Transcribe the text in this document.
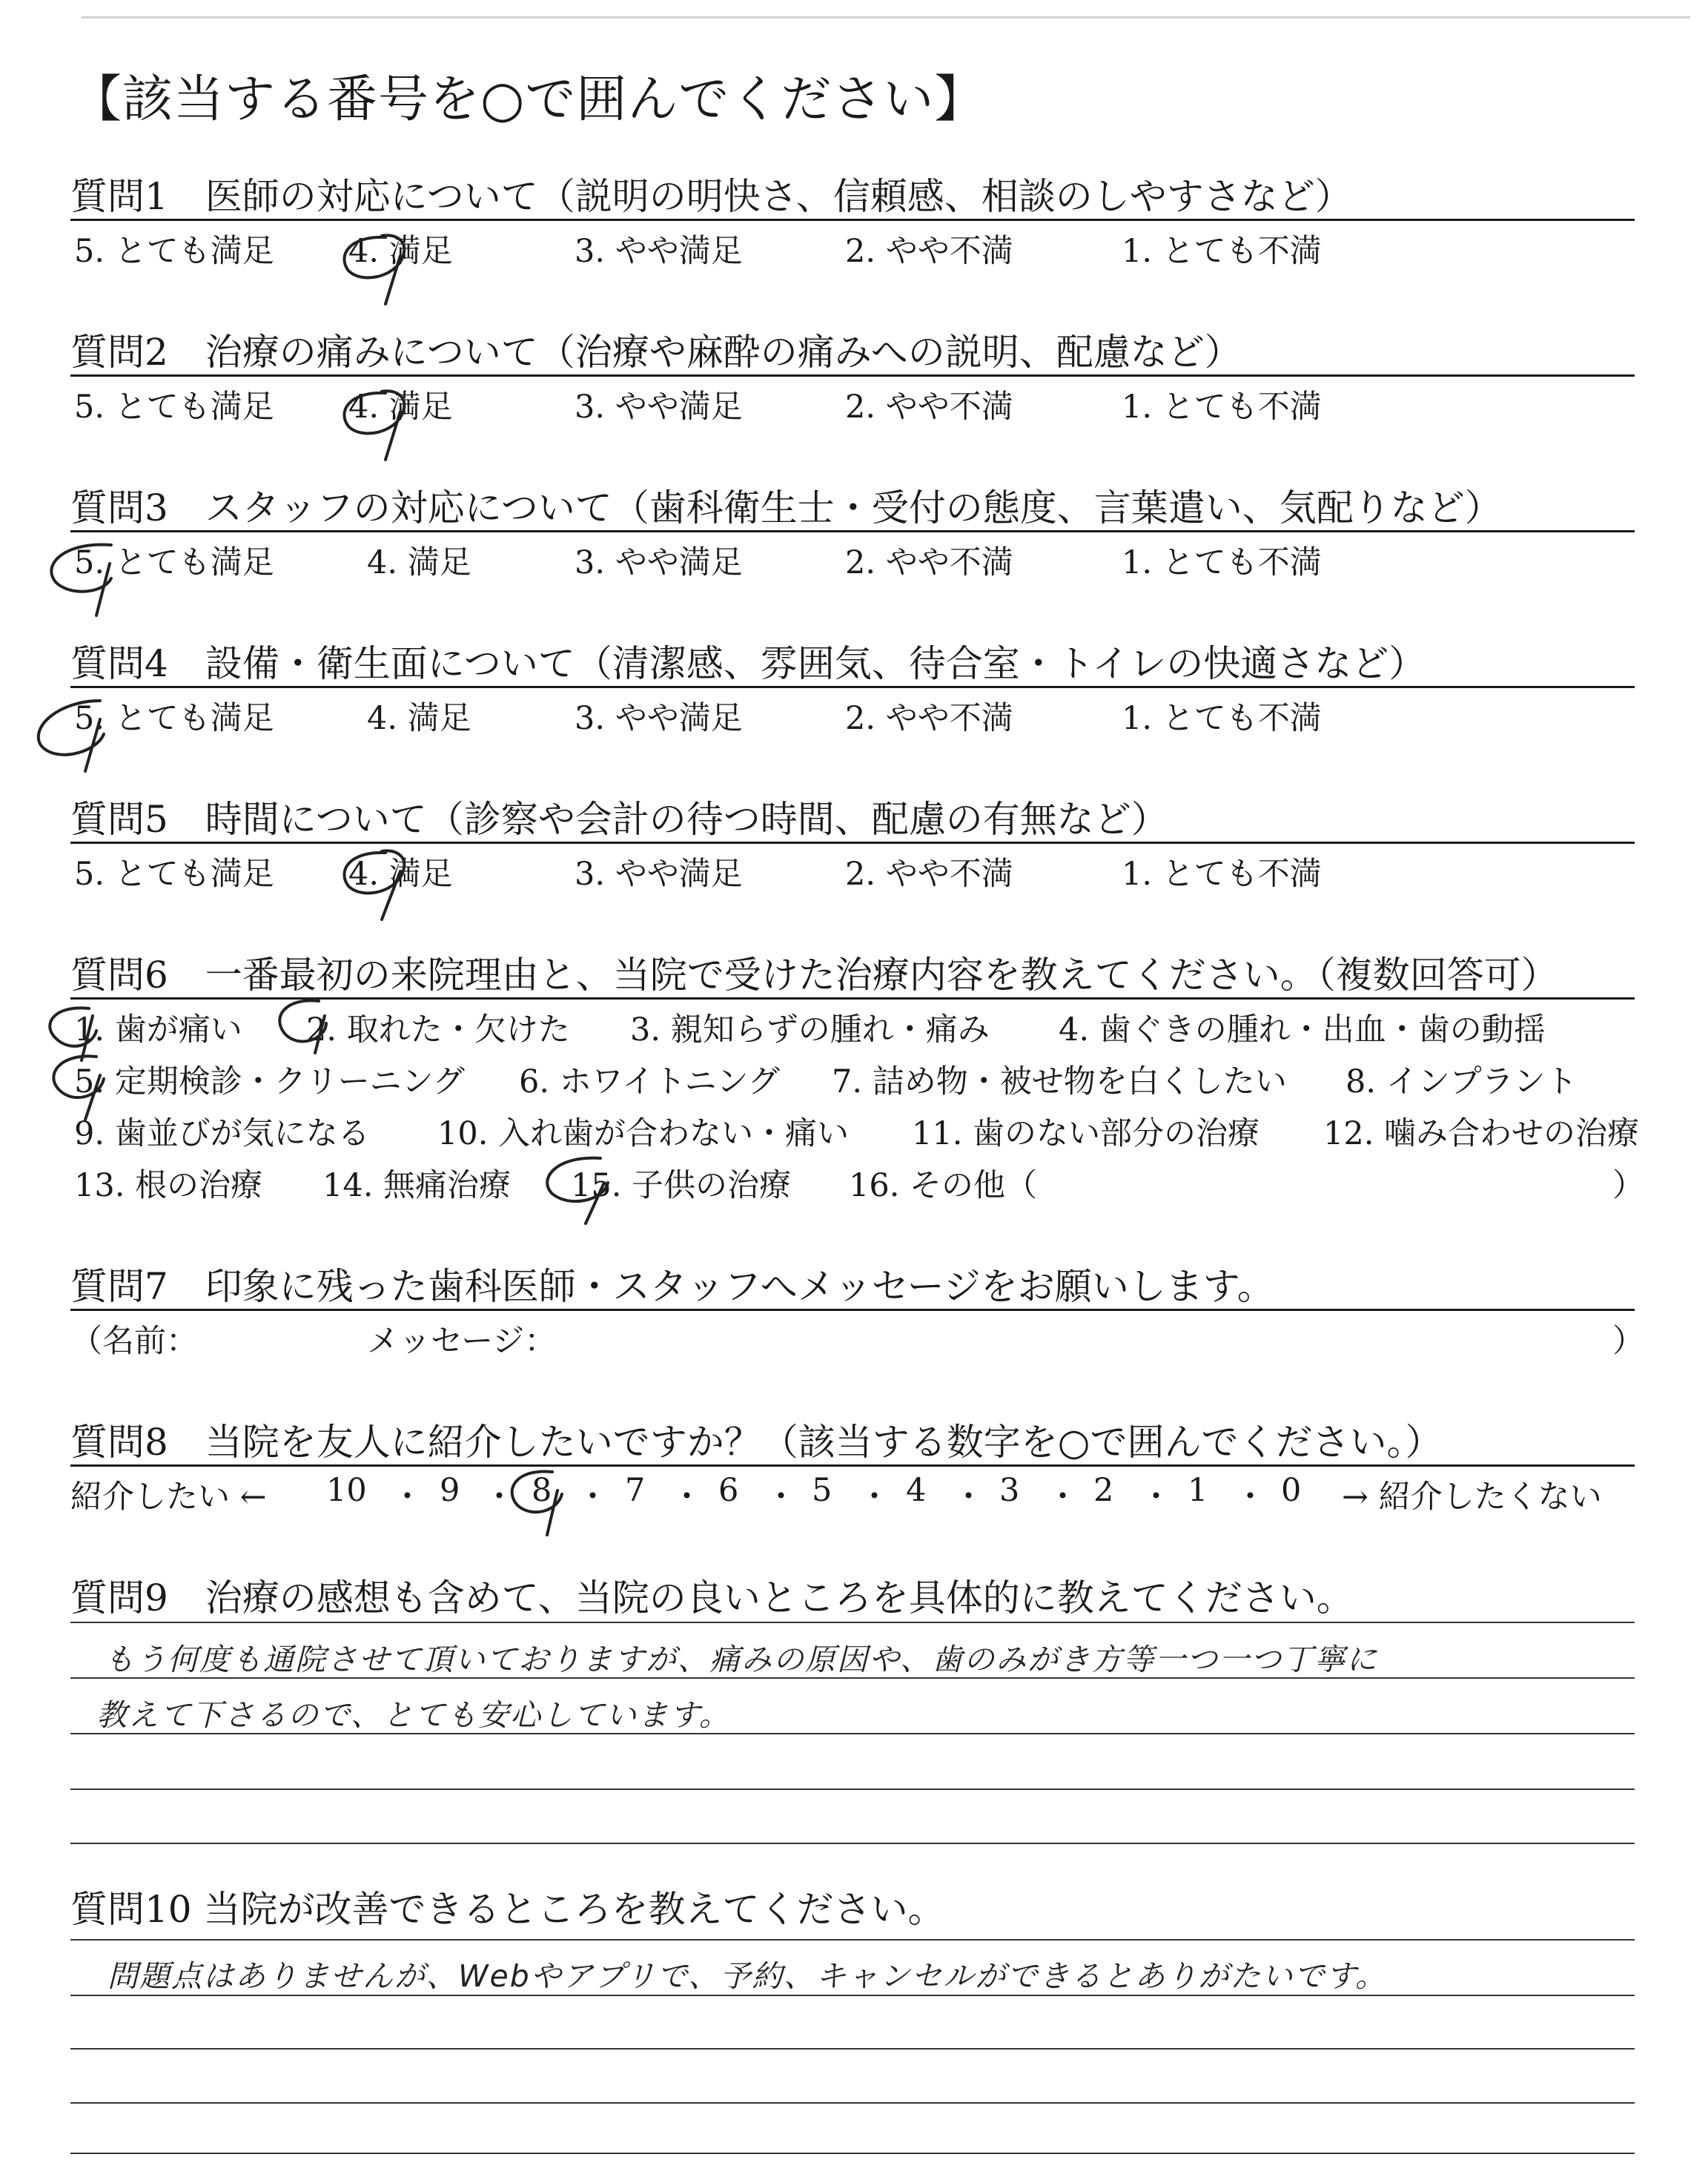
【該当する番号を○で囲んでください】
質問1　医師の対応について（説明の明快さ、信頼感、相談のしやすさなど）
5. とても満足 4. 満足	3. やや満足	2. やや不満	1. とても不満
質問2　治療の痛みについて（治療や麻酔の痛みへの説明、配慮など）
5. とても満足 4. 満足	3. やや満足	2. やや不満	1. とても不満
質問3　スタッフの対応について（歯科衛生士・受付の態度、言葉遣い、気配りなど）
5. とても満足	4. 満足	3. やや満足	2. やや不満	1. とても不満
質問4　設備・衛生面について（清潔感、雰囲気、待合室・トイレの快適さなど）
5. とても満足	4. 満足	3. やや満足	2. やや不満	1. とても不満
質問5　時間について（診察や会計の待つ時間、配慮の有無など）
5. とても満足 4. 満足	3. やや満足	2. やや不満	1. とても不満
質問6　一番最初の来院理由と、当院で受けた治療内容を教えてください。（複数回答可）
1. 歯が痛い 2. 取れた・欠けた 3. 親知らずの腫れ・痛み 4. 歯ぐきの腫れ・出血・歯の動揺
5. 定期検診・クリーニング 6. ホワイトニング 7. 詰め物・被せ物を白くしたい 8. インプラント
9. 歯並びが気になる 10. 入れ歯が合わない・痛い 11. 歯のない部分の治療 12. 噛み合わせの治療
13. 根の治療 14. 無痛治療 15. 子供の治療 16. その他（	）
質問7　印象に残った歯科医師・スタッフへメッセージをお願いします。
（名前：	メッセージ：	）
質問8　当院を友人に紹介したいですか？（該当する数字を○で囲んでください。）
紹介したい ← 10 ・ 9 ・ 8 ・ 7 ・ 6 ・ 5 ・ 4 ・ 3 ・ 2 ・ 1 ・ 0 → 紹介したくない
質問9　治療の感想も含めて、当院の良いところを具体的に教えてください。
もう何度も通院させて頂いておりますが、痛みの原因や、歯のみがき方等一つ一つ丁寧に
教えて下さるので、とても安心しています。
質問10 当院が改善できるところを教えてください。
問題点はありませんが、Webやアプリで、予約、キャンセルができるとありがたいです。
